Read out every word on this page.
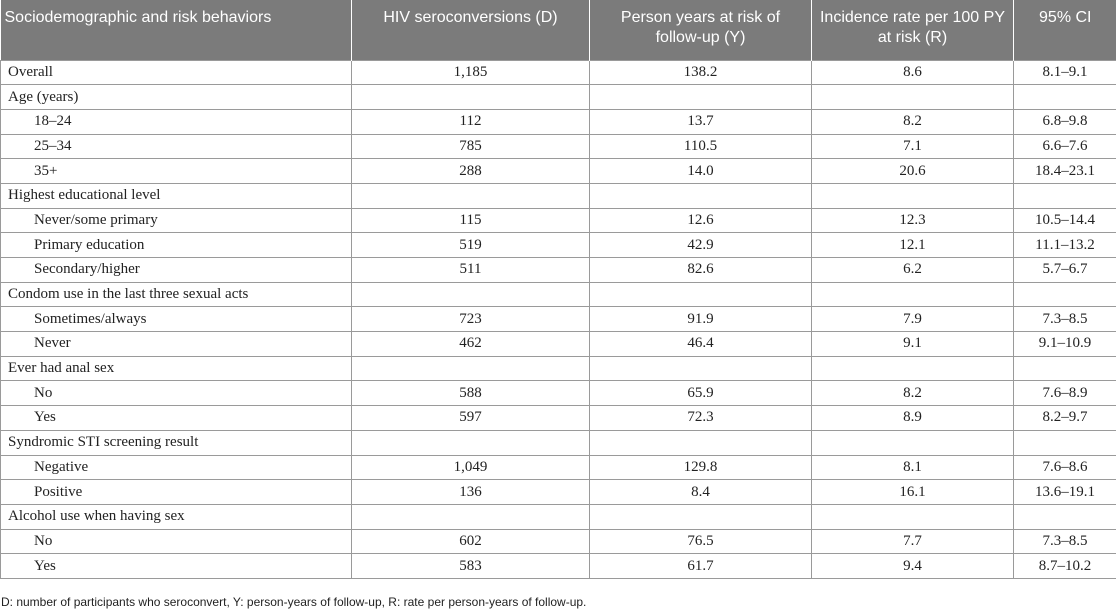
Sociodemographic and risk behaviors	HIV seroconversions (D)	Person years at risk of follow-up (Y)	Incidence rate per 100 PY at risk (R)	95% CI
Overall	1,185	138.2	8.6	8.1–9.1
Age (years)				
18–24	112	13.7	8.2	6.8–9.8
25–34	785	110.5	7.1	6.6–7.6
35+	288	14.0	20.6	18.4–23.1
Highest educational level				
Never/some primary	115	12.6	12.3	10.5–14.4
Primary education	519	42.9	12.1	11.1–13.2
Secondary/higher	511	82.6	6.2	5.7–6.7
Condom use in the last three sexual acts				
Sometimes/always	723	91.9	7.9	7.3–8.5
Never	462	46.4	9.1	9.1–10.9
Ever had anal sex				
No	588	65.9	8.2	7.6–8.9
Yes	597	72.3	8.9	8.2–9.7
Syndromic STI screening result				
Negative	1,049	129.8	8.1	7.6–8.6
Positive	136	8.4	16.1	13.6–19.1
Alcohol use when having sex				
No	602	76.5	7.7	7.3–8.5
Yes	583	61.7	9.4	8.7–10.2
D: number of participants who seroconvert, Y: person-years of follow-up, R: rate per person-years of follow-up.
